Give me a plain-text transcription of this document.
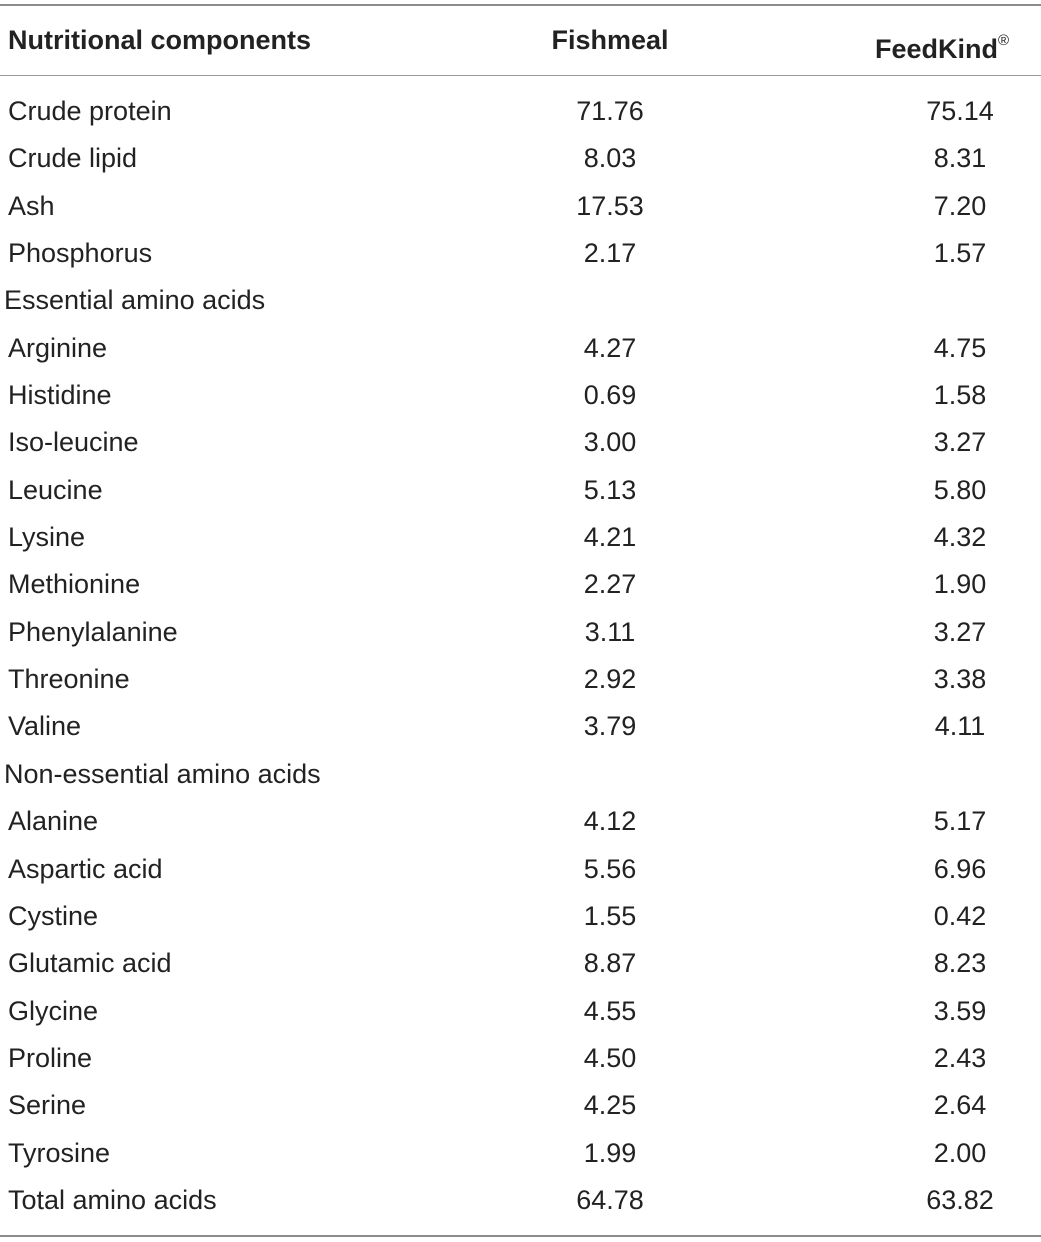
Nutritional components	Fishmeal	FeedKind®
Crude protein	71.76	75.14
Crude lipid	8.03	8.31
Ash	17.53	7.20
Phosphorus	2.17	1.57
Essential amino acids
Arginine	4.27	4.75
Histidine	0.69	1.58
Iso-leucine	3.00	3.27
Leucine	5.13	5.80
Lysine	4.21	4.32
Methionine	2.27	1.90
Phenylalanine	3.11	3.27
Threonine	2.92	3.38
Valine	3.79	4.11
Non-essential amino acids
Alanine	4.12	5.17
Aspartic acid	5.56	6.96
Cystine	1.55	0.42
Glutamic acid	8.87	8.23
Glycine	4.55	3.59
Proline	4.50	2.43
Serine	4.25	2.64
Tyrosine	1.99	2.00
Total amino acids	64.78	63.82
